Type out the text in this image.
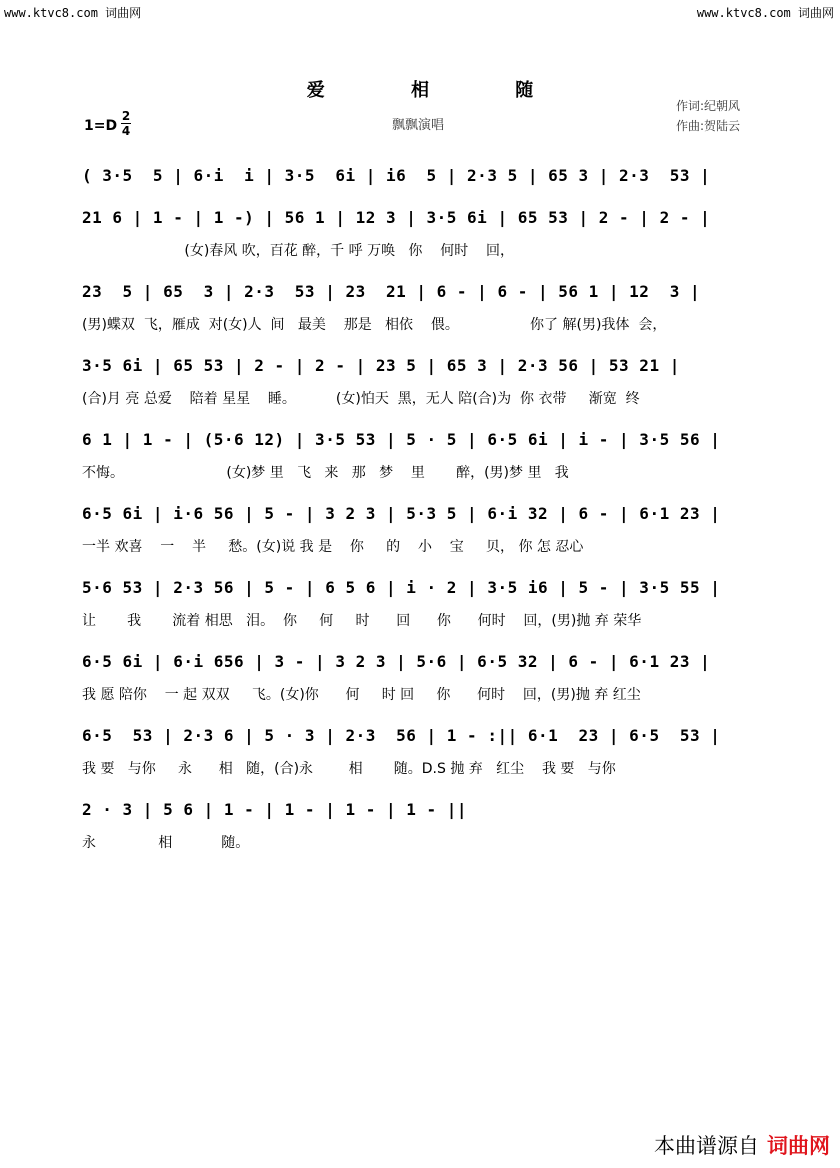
www.ktvc8.com 词曲网	www.ktvc8.com 词曲网
爱 相 随
1=D
2
4	飘飘演唱
作词:纪朝风
作曲:贺陆云
( 3·5  5 | 6·i  i | 3·5  6i | i6  5 | 2·3 5 | 65 3 | 2·3  53 |
21 6 | 1 - | 1 -) | 56 1 | 12 3 | 3·5 6i | 65 53 | 2 - | 2 - |
(女)春风 吹，百花 醉，千 呼 万唤   你    何时    回，
23  5 | 65  3 | 2·3  53 | 23  21 | 6 - | 6 - | 56 1 | 12  3 |
(男)蝶双  飞，雁成  对(女)人  间   最美    那是   相依    偎。                你了 解(男)我体  会，
3·5 6i | 65 53 | 2 - | 2 - | 23 5 | 65 3 | 2·3 56 | 53 21 |
(合)月 亮 总爱    陪着 星星    睡。         (女)怕天  黑，无人 陪(合)为  你 衣带     渐宽  终
6 1 | 1 - | (5·6 12) | 3·5 53 | 5 · 5 | 6·5 6i | i - | 3·5 56 |
不悔。                       (女)梦 里   飞   来   那   梦    里       醉，(男)梦 里   我
6·5 6i | i·6 56 | 5 - | 3 2 3 | 5·3 5 | 6·i 32 | 6 - | 6·1 23 |
一半 欢喜    一    半     愁。(女)说 我 是    你     的    小    宝     贝， 你 怎 忍心
5·6 53 | 2·3 56 | 5 - | 6 5 6 | i · 2 | 3·5 i6 | 5 - | 3·5 55 |
让       我       流着 相思   泪。  你     何     时      回      你      何时    回，(男)抛 弃 荣华
6·5 6i | 6·i 656 | 3 - | 3 2 3 | 5·6 | 6·5 32 | 6 - | 6·1 23 |
我 愿 陪你    一 起 双双     飞。(女)你      何     时 回     你      何时    回，(男)抛 弃 红尘
6·5  53 | 2·3 6 | 5 · 3 | 2·3  56 | 1 - :|| 6·1  23 | 6·5  53 |
我 要   与你     永      相   随，(合)永        相       随。D.S 抛 弃   红尘    我 要   与你
2 · 3 | 5 6 | 1 - | 1 - | 1 - | 1 - ||
永              相           随。
本曲谱源自 词曲网
